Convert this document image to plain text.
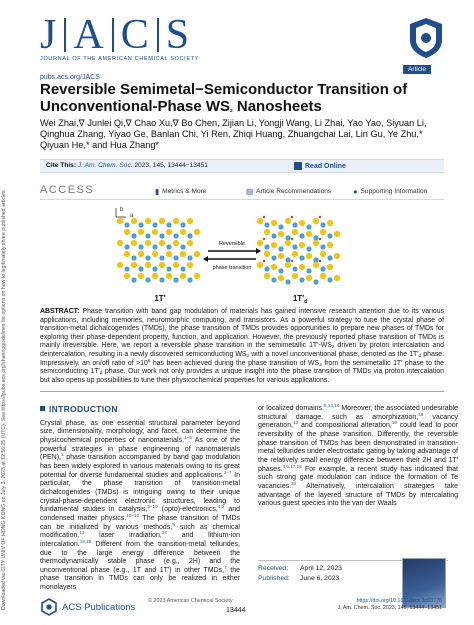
Downloaded via CITY UNIV OF HONG KONG on July 3, 2023 at 12:56:25 (UTC). See https://pubs.acs.org/sharingguidelines for options on how to legitimately share published articles.
J A C S
JOURNAL OF THE AMERICAN CHEMICAL SOCIETY
pubs.acs.org/JACS
Article
Reversible Semimetal−Semiconductor Transition of Unconventional-Phase $WS_2$ Nanosheets
Wei Zhai,∇ Junlei Qi,∇ Chao Xu,∇ Bo Chen, Zijian Li, Yongji Wang, Li Zhai, Yao Yao, Siyuan Li, Qinghua Zhang, Yiyao Ge, Banlan Chi, Yi Ren, Zhiqi Huang, Zhuangchai Lai, Lin Gu, Ye Zhu,* Qiyuan He,* and Hua Zhang*
Cite This: J. Am. Chem. Soc. 2023, 145, 13444−13451	Read Online
ACCESS	▮ Metrics & More	▤ Article Recommendations	● Supporting Information
b
a
Reversible
phase transition
1T′	$1T'_d$
ABSTRACT: Phase transition with band gap modulation of materials has gained intensive research attention due to its various applications, including memories, neuromorphic computing, and transistors. As a powerful strategy to tune the crystal phase of transition-metal dichalcogenides (TMDs), the phase transition of TMDs provides opportunities to prepare new phases of TMDs for exploring their phase-dependent property, function, and application. However, the previously reported phase transition of TMDs is mainly irreversible. Here, we report a reversible phase transition in the semimetallic $1T'-WS_2$ driven by proton intercalation and deintercalation, resulting in a newly discovered semiconducting $WS_2$ with a novel unconventional phase, denoted as the $1T'_d$ phase. Impressively, an on/off ratio of $>10^6$ has been achieved during the phase transition of $WS_2$ from the semimetallic 1T′ phase to the semiconducting $1T'_d$ phase. Our work not only provides a unique insight into the phase transition of TMDs via proton intercalation but also opens up possibilities to tune their physicochemical properties for various applications.
INTRODUCTION

Crystal phase, as one essential structural parameter beyond size, dimensionality, morphology, and facet, can determine the physicochemical properties of nanomaterials.$^{1-5}$ As one of the powerful strategies in phase engineering of nanomaterials (PEN),$^1$ phase transition accompanied by band gap modulation has been widely explored in various materials owing to its great potential for diverse fundamental studies and applications.$^{1-7}$ In particular, the phase transition of transition-metal dichalcogenides (TMDs) is intriguing owing to their unique crystal-phase-dependent electronic structures, leading to fundamental studies in catalysis,$^{8-10}$ (opto)-electronics,$^{4,9}$ and condensed matter physics.$^{10-12}$ The phase transition of TMDs can be initialized by various methods,$^5$ such as chemical modification,$^{13}$ laser irradiation,$^{14}$ and lithium-ion intercalation.$^{13,15}$ Different from the transition-metal tellurides, due to the large energy difference between the thermodynamically stable phase (e.g., 2H) and the unconventional phase (e.g., 1T and 1T′) in other TMDs,$^7$ the phase transition in TMDs can only be realized in either monolayers

or localized domains.$^{5,13,16}$ Moreover, the associated undesirable structural damage, such as amorphization,$^{16}$ vacancy generation,$^{13}$ and compositional alteration,$^{15}$ could lead to poor reversibility of the phase transition. Differently, the reversible phase transition of TMDs has been demonstrated in transition-metal tellurides under electrostatic gating by taking advantage of the relatively small energy difference between their 2H and 1T′ phases.$^{4,5,17,18}$ For example, a recent study has indicated that such strong gate modulation can induce the formation of Te vacancies.$^{20}$ Alternatively, intercalation strategies take advantage of the layered structure of TMDs by intercalating various guest species into the van der Waals

Received: April 12, 2023
Published: June 6, 2023
ACS Publications
© 2023 American Chemical Society
13444
https://doi.org/10.1021/jacs.3c03776
J. Am. Chem. Soc. 2023, 145, 13444−13451
